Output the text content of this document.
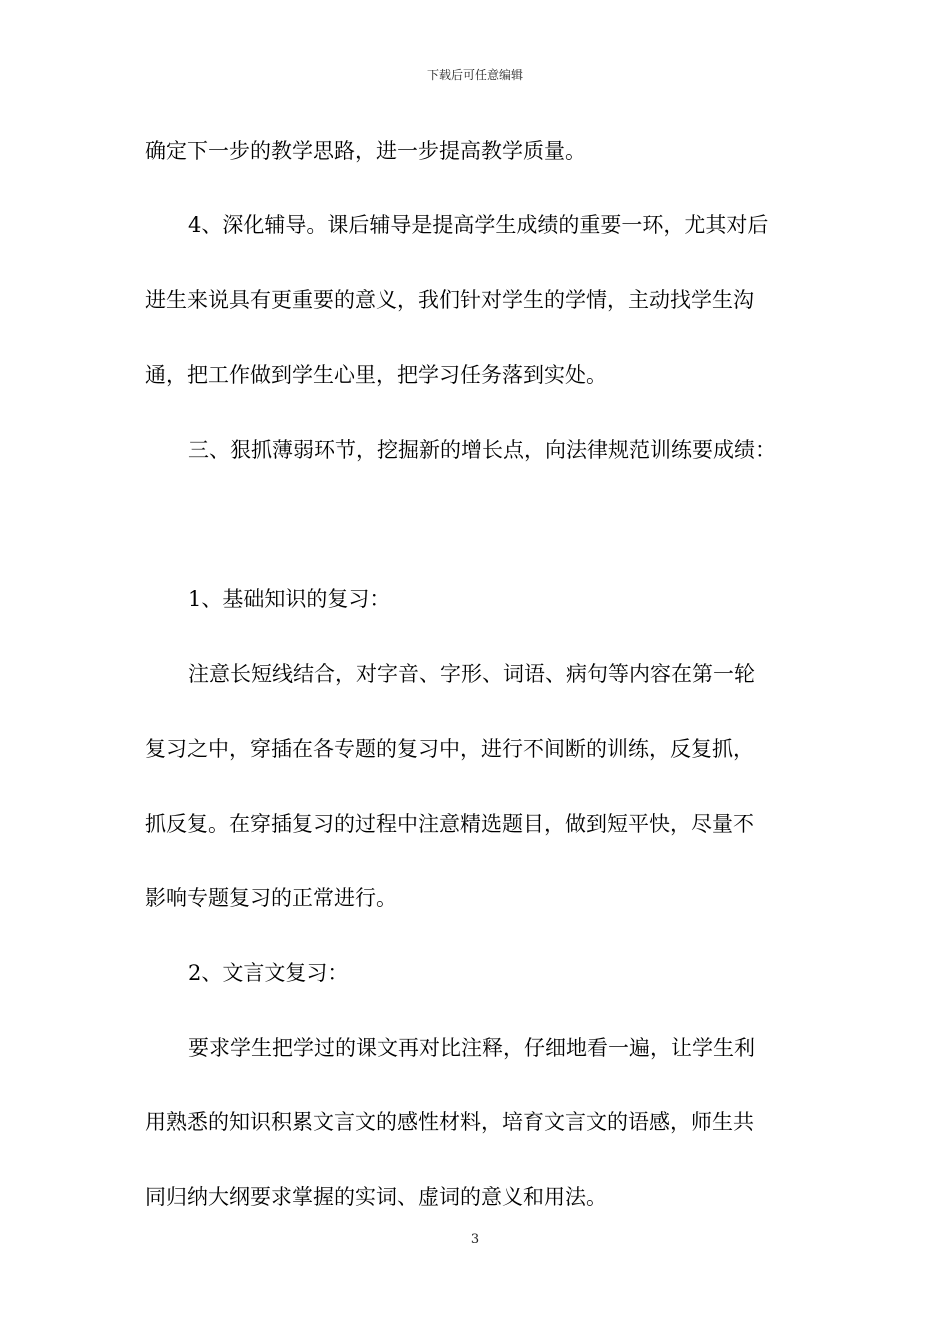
下载后可任意编辑
确定下一步的教学思路，进一步提高教学质量。
4、深化辅导。课后辅导是提高学生成绩的重要一环，尤其对后
进生来说具有更重要的意义，我们针对学生的学情，主动找学生沟
通，把工作做到学生心里，把学习任务落到实处。
三、狠抓薄弱环节，挖掘新的增长点，向法律规范训练要成绩：
1、基础知识的复习：
注意长短线结合，对字音、字形、词语、病句等内容在第一轮
复习之中，穿插在各专题的复习中，进行不间断的训练，反复抓，
抓反复。在穿插复习的过程中注意精选题目，做到短平快，尽量不
影响专题复习的正常进行。
2、文言文复习：
要求学生把学过的课文再对比注释，仔细地看一遍，让学生利
用熟悉的知识积累文言文的感性材料，培育文言文的语感，师生共
同归纳大纲要求掌握的实词、虚词的意义和用法。
3
